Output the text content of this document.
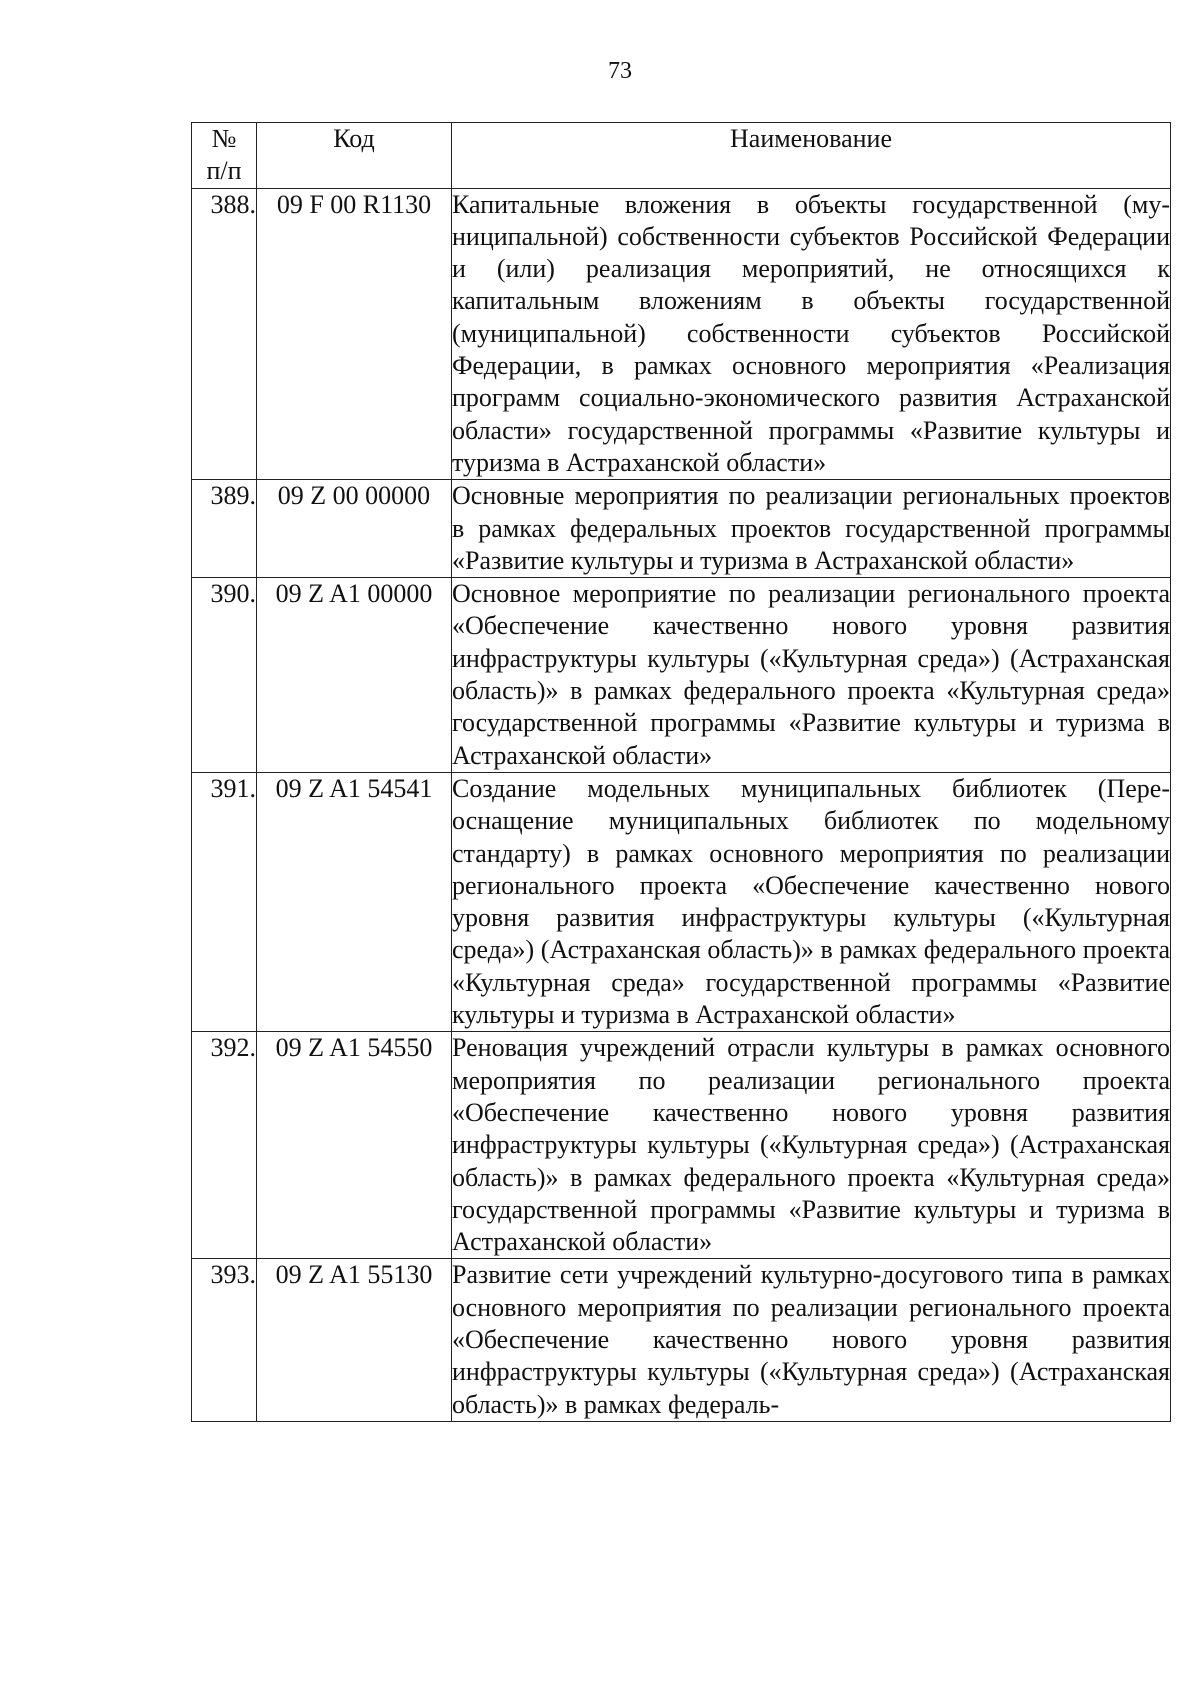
73
№
п/п	Код	Наименование
388.	09 F 00 R1130	Капитальные вложения в объекты государственной (муниципальной) собственности субъектов Российской Федерации и (или) реализация мероприятий, не относящихся к капитальным вложениям в объекты государственной (муниципальной) собственности субъектов Российской Федерации, в рамках основного мероприятия «Реализация программ социально-экономического развития Астраханской области» государственной программы «Развитие культуры и туризма в Астраханской области»
389.	09 Z 00 00000	Основные мероприятия по реализации региональных проектов в рамках федеральных проектов государственной программы «Развитие культуры и туризма в Астраханской области»
390.	09 Z A1 00000	Основное мероприятие по реализации регионального проекта «Обеспечение качественно нового уровня развития инфраструктуры культуры («Культурная среда») (Астраханская область)» в рамках федерального проекта «Культурная среда» государственной программы «Развитие культуры и туризма в Астраханской области»
391.	09 Z A1 54541	Создание модельных муниципальных библиотек (Переоснащение муниципальных библиотек по модельному стандарту) в рамках основного мероприятия по реализации регионального проекта «Обеспечение качественно нового уровня развития инфраструктуры культуры («Культурная среда») (Астраханская область)» в рамках федерального проекта «Культурная среда» государственной программы «Развитие культуры и туризма в Астраханской области»
392.	09 Z A1 54550	Реновация учреждений отрасли культуры в рамках основного мероприятия по реализации регионального проекта «Обеспечение качественно нового уровня развития инфраструктуры культуры («Культурная среда») (Астраханская область)» в рамках федерального проекта «Культурная среда» государственной программы «Развитие культуры и туризма в Астраханской области»
393.	09 Z A1 55130	Развитие сети учреждений культурно-досугового типа в рамках основного мероприятия по реализации регионального проекта «Обеспечение качественно нового уровня развития инфраструктуры культуры («Культурная среда») (Астраханская область)» в рамках федераль-
